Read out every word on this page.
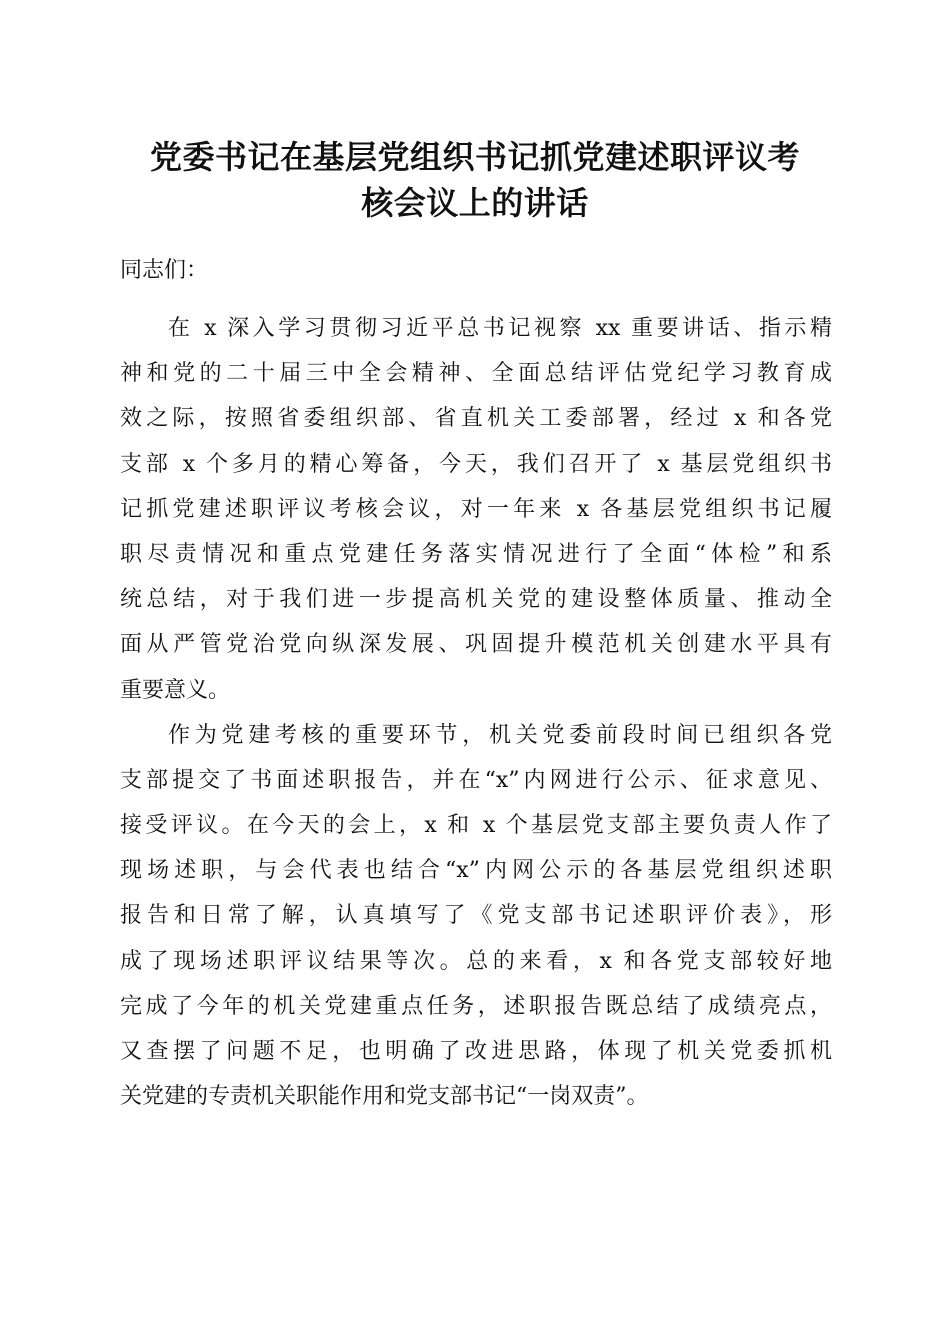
党委书记在基层党组织书记抓党建述职评议考
核会议上的讲话
同志们：
在 x 深入学习贯彻习近平总书记视察 xx 重要讲话、指示精
神和党的二十届三中全会精神、全面总结评估党纪学习教育成
效之际，按照省委组织部、省直机关工委部署，经过 x 和各党
支部 x 个多月的精心筹备，今天，我们召开了 x 基层党组织书
记抓党建述职评议考核会议，对一年来 x 各基层党组织书记履
职尽责情况和重点党建任务落实情况进行了全面“体检”和系
统总结，对于我们进一步提高机关党的建设整体质量、推动全
面从严管党治党向纵深发展、巩固提升模范机关创建水平具有
重要意义。
作为党建考核的重要环节，机关党委前段时间已组织各党
支部提交了书面述职报告，并在“x”内网进行公示、征求意见、
接受评议。在今天的会上，x 和 x 个基层党支部主要负责人作了
现场述职，与会代表也结合“x”内网公示的各基层党组织述职
报告和日常了解，认真填写了《党支部书记述职评价表》，形
成了现场述职评议结果等次。总的来看，x 和各党支部较好地
完成了今年的机关党建重点任务，述职报告既总结了成绩亮点，
又查摆了问题不足，也明确了改进思路，体现了机关党委抓机
关党建的专责机关职能作用和党支部书记“一岗双责”。
